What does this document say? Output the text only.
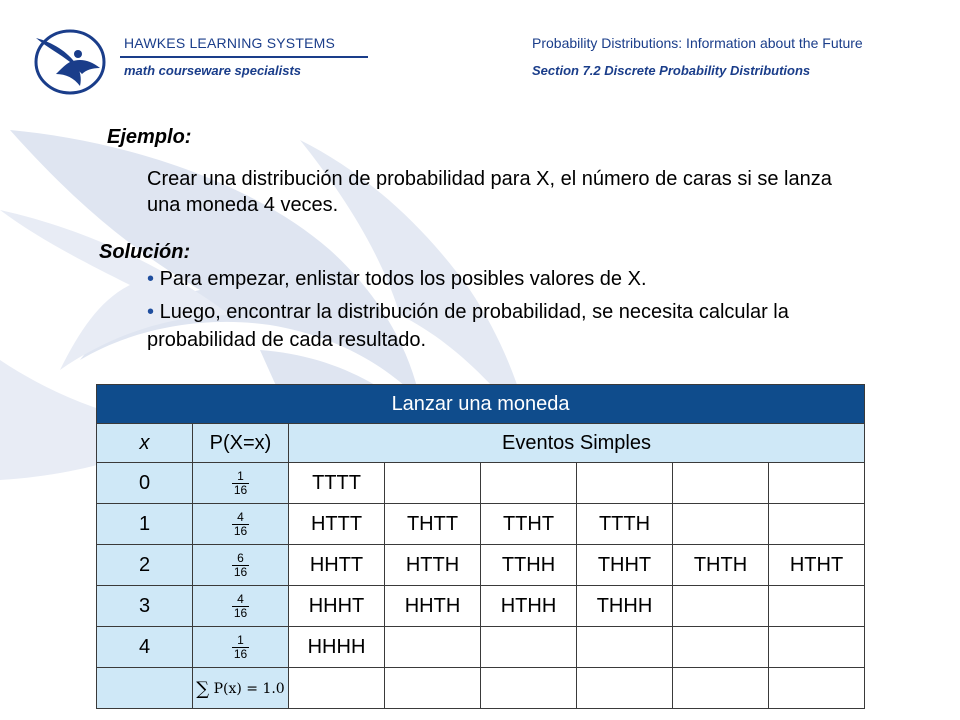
HAWKES LEARNING SYSTEMS
math courseware specialists
Probability Distributions: Information about the Future
Section 7.2 Discrete Probability Distributions
Ejemplo:
Crear una distribución de probabilidad para X, el número de caras si se lanza una moneda 4 veces.
Solución:
• Para empezar, enlistar todos los posibles valores de X.
• Luego, encontrar la distribución de probabilidad, se necesita calcular la probabilidad de cada resultado.
Lanzar una moneda							
x	P(X=x)	Eventos Simples					
0	$\frac{1}{16}$	TTTT					
1	$\frac{4}{16}$	HTTT	THTT	TTHT	TTTH		
2	$\frac{6}{16}$	HHTT	HTTH	TTHH	THHT	THTH	HTHT
3	$\frac{4}{16}$	HHHT	HHTH	HTHH	THHH		
4	$\frac{1}{16}$	HHHH					
	∑ P(x) = 1.0						
